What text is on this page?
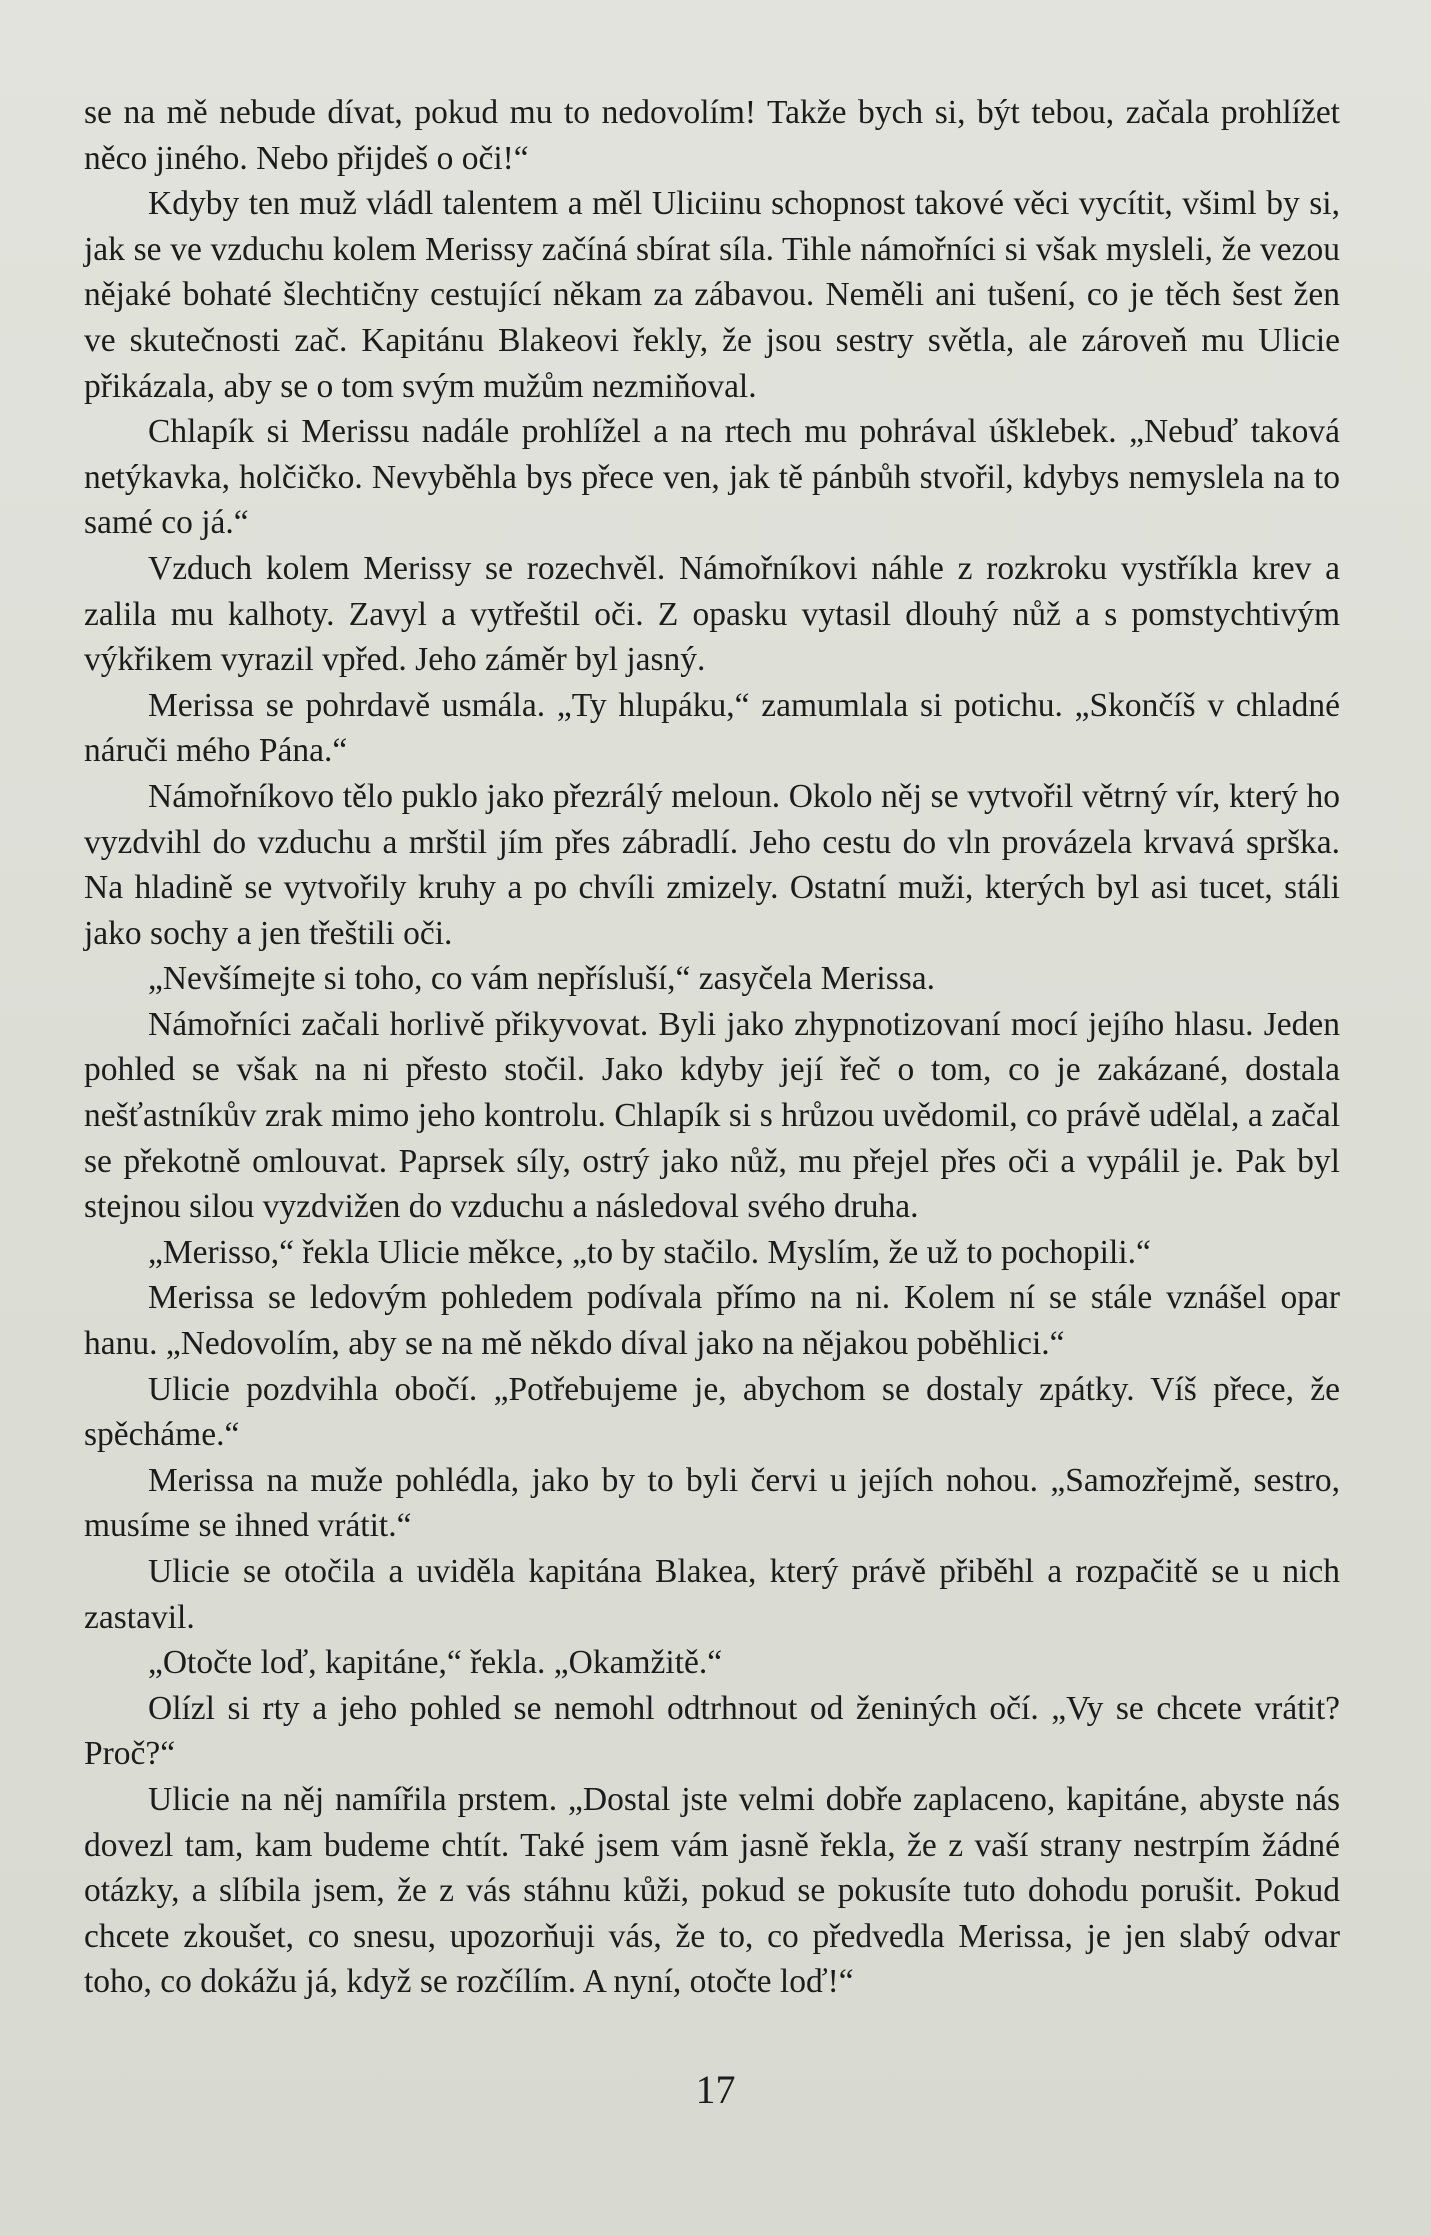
se na mě nebude dívat, pokud mu to nedovolím! Takže bych si, být tebou, začala prohlížet něco jiného. Nebo přijdeš o oči!“

Kdyby ten muž vládl talentem a měl Uliciinu schopnost takové věci vycítit, všiml by si, jak se ve vzduchu kolem Merissy začíná sbírat síla. Tihle námořníci si však mysleli, že vezou nějaké bohaté šlechtičny cestující někam za zábavou. Neměli ani tušení, co je těch šest žen ve skutečnosti zač. Kapitánu Blakeovi řekly, že jsou sestry světla, ale zároveň mu Ulicie přikázala, aby se o tom svým mužům nezmiňoval.

Chlapík si Merissu nadále prohlížel a na rtech mu pohrával úšklebek. „Nebuď taková netýkavka, holčičko. Nevyběhla bys přece ven, jak tě pánbůh stvořil, kdybys nemyslela na to samé co já.“

Vzduch kolem Merissy se rozechvěl. Námořníkovi náhle z rozkroku vystříkla krev a zalila mu kalhoty. Zavyl a vytřeštil oči. Z opasku vytasil dlouhý nůž a s pomstychtivým výkřikem vyrazil vpřed. Jeho záměr byl jasný.

Merissa se pohrdavě usmála. „Ty hlupáku,“ zamumlala si potichu. „Skončíš v chladné náruči mého Pána.“

Námořníkovo tělo puklo jako přezrálý meloun. Okolo něj se vytvořil větrný vír, který ho vyzdvihl do vzduchu a mrštil jím přes zábradlí. Jeho cestu do vln provázela krvavá sprška. Na hladině se vytvořily kruhy a po chvíli zmizely. Ostatní muži, kterých byl asi tucet, stáli jako sochy a jen třeštili oči.

„Nevšímejte si toho, co vám nepřísluší,“ zasyčela Merissa.

Námořníci začali horlivě přikyvovat. Byli jako zhypnotizovaní mocí jejího hlasu. Jeden pohled se však na ni přesto stočil. Jako kdyby její řeč o tom, co je zakázané, dostala nešťastníkův zrak mimo jeho kontrolu. Chlapík si s hrůzou uvědomil, co právě udělal, a začal se překotně omlouvat. Paprsek síly, ostrý jako nůž, mu přejel přes oči a vypálil je. Pak byl stejnou silou vyzdvižen do vzduchu a následoval svého druha.

„Merisso,“ řekla Ulicie měkce, „to by stačilo. Myslím, že už to pochopili.“

Merissa se ledovým pohledem podívala přímo na ni. Kolem ní se stále vznášel opar hanu. „Nedovolím, aby se na mě někdo díval jako na nějakou poběhlici.“

Ulicie pozdvihla obočí. „Potřebujeme je, abychom se dostaly zpátky. Víš přece, že spěcháme.“

Merissa na muže pohlédla, jako by to byli červi u jejích nohou. „Samozřejmě, sestro, musíme se ihned vrátit.“

Ulicie se otočila a uviděla kapitána Blakea, který právě přiběhl a rozpačitě se u nich zastavil.

„Otočte loď, kapitáne,“ řekla. „Okamžitě.“

Olízl si rty a jeho pohled se nemohl odtrhnout od ženiných očí. „Vy se chcete vrátit? Proč?“

Ulicie na něj namířila prstem. „Dostal jste velmi dobře zaplaceno, kapitáne, abyste nás dovezl tam, kam budeme chtít. Také jsem vám jasně řekla, že z vaší strany nestrpím žádné otázky, a slíbila jsem, že z vás stáhnu kůži, pokud se pokusíte tuto dohodu porušit. Pokud chcete zkoušet, co snesu, upozorňuji vás, že to, co předvedla Merissa, je jen slabý odvar toho, co dokážu já, když se rozčílím. A nyní, otočte loď!“

17
